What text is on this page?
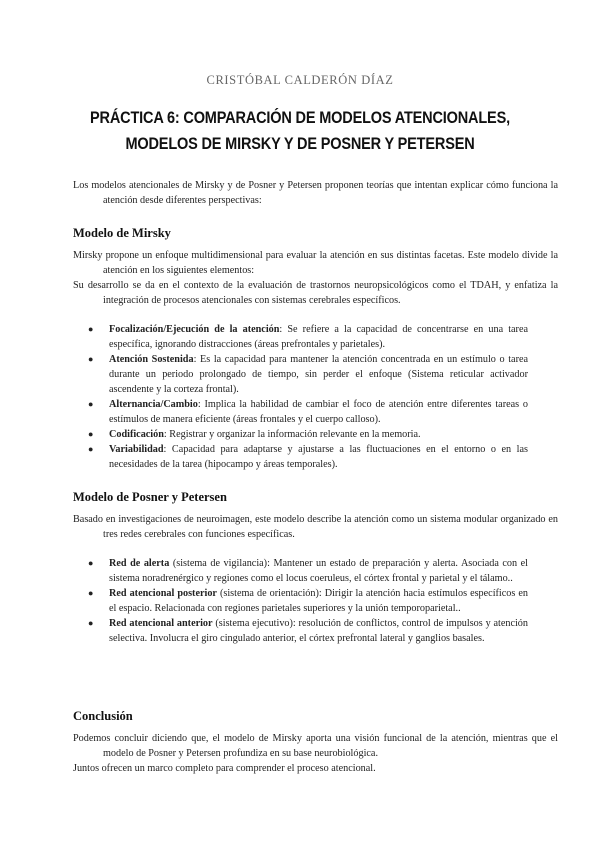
CRISTÓBAL CALDERÓN DÍAZ
PRÁCTICA 6: COMPARACIÓN DE MODELOS ATENCIONALES,
MODELOS DE MIRSKY Y DE POSNER Y PETERSEN
Los modelos atencionales de Mirsky y de Posner y Petersen proponen teorías que intentan explicar cómo funciona la atención desde diferentes perspectivas:
Modelo de Mirsky
Mirsky propone un enfoque multidimensional para evaluar la atención en sus distintas facetas. Este modelo divide la atención en los siguientes elementos:
Su desarrollo se da en el contexto de la evaluación de trastornos neuropsicológicos como el TDAH, y enfatiza la integración de procesos atencionales con sistemas cerebrales específicos.
● Focalización/Ejecución de la atención: Se refiere a la capacidad de concentrarse en una tarea específica, ignorando distracciones (áreas prefrontales y parietales).
● Atención Sostenida: Es la capacidad para mantener la atención concentrada en un estímulo o tarea durante un periodo prolongado de tiempo, sin perder el enfoque (Sistema reticular activador ascendente y la corteza frontal).
● Alternancia/Cambio: Implica la habilidad de cambiar el foco de atención entre diferentes tareas o estímulos de manera eficiente (áreas frontales y el cuerpo calloso).
● Codificación: Registrar y organizar la información relevante en la memoria.
● Variabilidad: Capacidad para adaptarse y ajustarse a las fluctuaciones en el entorno o en las necesidades de la tarea (hipocampo y áreas temporales).
Modelo de Posner y Petersen
Basado en investigaciones de neuroimagen, este modelo describe la atención como un sistema modular organizado en tres redes cerebrales con funciones específicas.
● Red de alerta (sistema de vigilancia): Mantener un estado de preparación y alerta. Asociada con el sistema noradrenérgico y regiones como el locus coeruleus, el córtex frontal y parietal y el tálamo..
● Red atencional posterior (sistema de orientación): Dirigir la atención hacia estímulos específicos en el espacio. Relacionada con regiones parietales superiores y la unión temporoparietal..
● Red atencional anterior (sistema ejecutivo): resolución de conflictos, control de impulsos y atención selectiva. Involucra el giro cingulado anterior, el córtex prefrontal lateral y ganglios basales.
Conclusión
Podemos concluir diciendo que, el modelo de Mirsky aporta una visión funcional de la atención, mientras que el modelo de Posner y Petersen profundiza en su base neurobiológica.
Juntos ofrecen un marco completo para comprender el proceso atencional.
